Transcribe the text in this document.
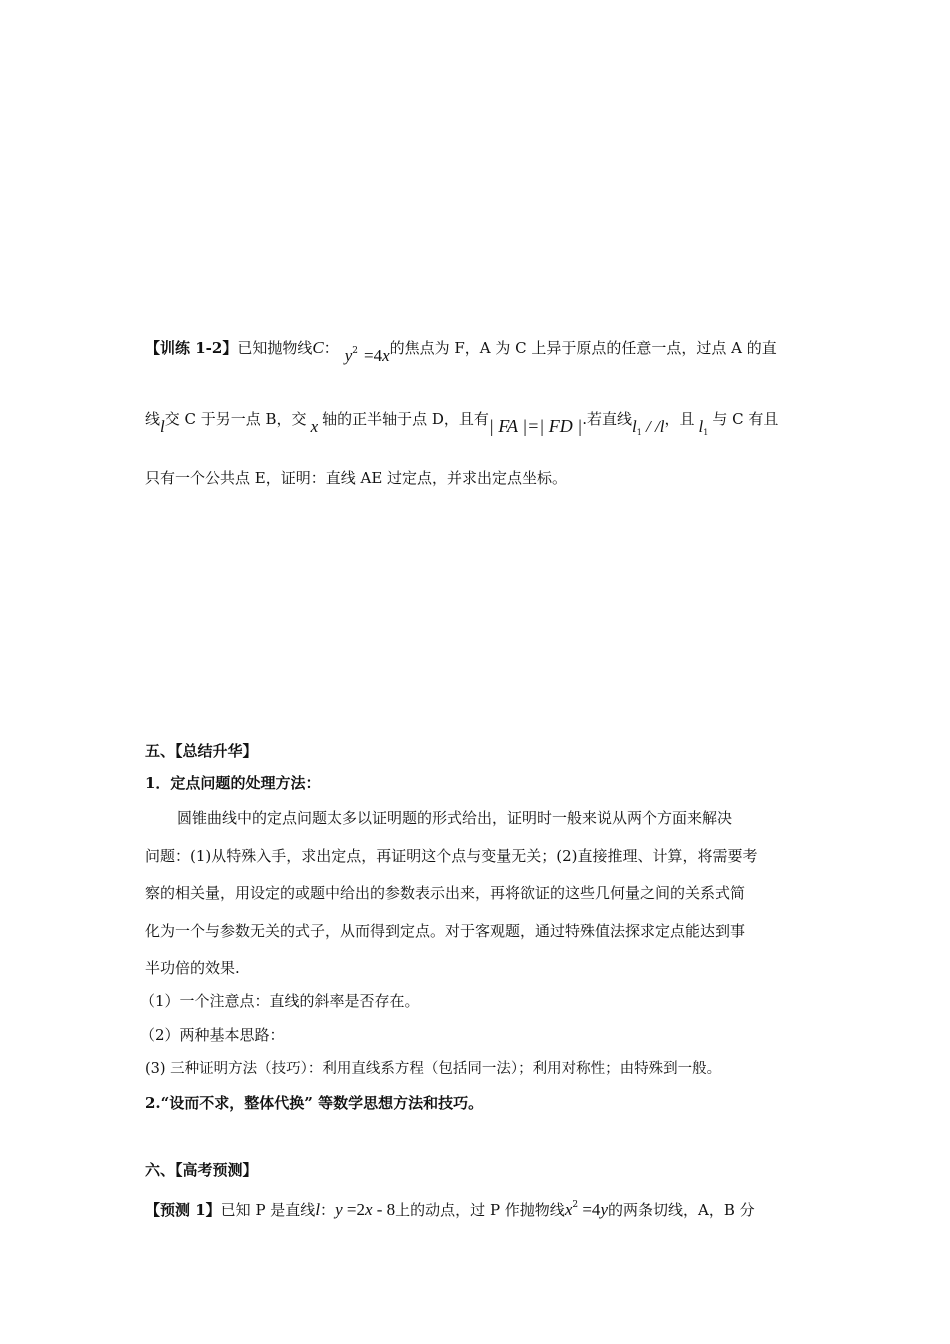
【训练 1-2】已知抛物线C： $y^2 =4x$的焦点为 F，A 为 C 上异于原点的任意一点，过点 A 的直
线l交 C 于另一点 B，交 x 轴的正半轴于点 D，且有| FA |=| FD |.若直线$l_1 / /l$，且 $l_1$与 C 有且
只有一个公共点 E，证明：直线 AE 过定点，并求出定点坐标。
五、【总结升华】
1．定点问题的处理方法：
圆锥曲线中的定点问题太多以证明题的形式给出，证明时一般来说从两个方面来解决
问题：(1)从特殊入手，求出定点，再证明这个点与变量无关；(2)直接推理、计算，将需要考
察的相关量，用设定的或题中给出的参数表示出来，再将欲证的这些几何量之间的关系式简
化为一个与参数无关的式子，从而得到定点。对于客观题，通过特殊值法探求定点能达到事
半功倍的效果.
（1）一个注意点：直线的斜率是否存在。
（2）两种基本思路：
(3) 三种证明方法（技巧）：利用直线系方程（包括同一法）；利用对称性；由特殊到一般。
2.“设而不求，整体代换” 等数学思想方法和技巧。
六、【高考预测】
【预测 1】已知 P 是直线l：y =2x - 8上的动点，过 P 作抛物线$x^2 =4y$的两条切线，A，B 分
